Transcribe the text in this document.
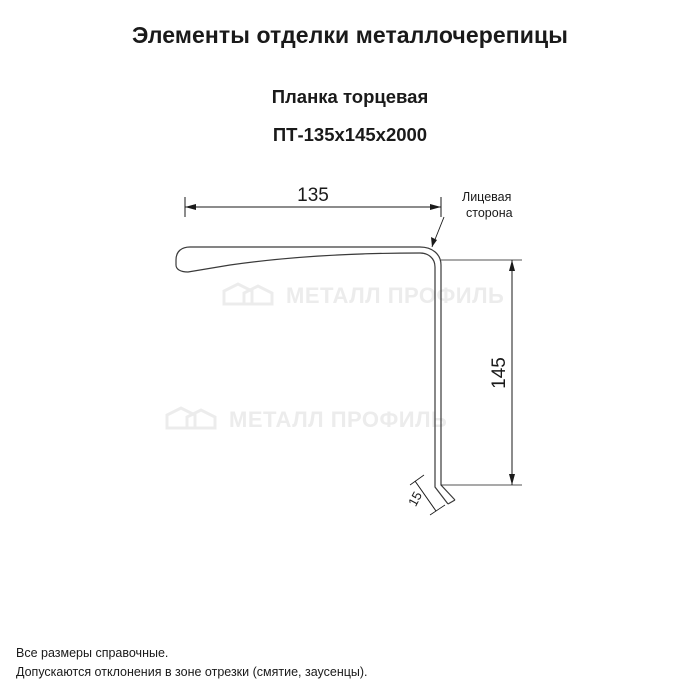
Элементы отделки металлочерепицы
Планка торцевая
ПТ-135х145х2000
МЕТАЛЛ ПРОФИЛЬ
МЕТАЛЛ ПРОФИЛЬ
135	Лицевая
сторона
145
15
Все размеры справочные.
Допускаются отклонения в зоне отрезки (смятие, заусенцы).
